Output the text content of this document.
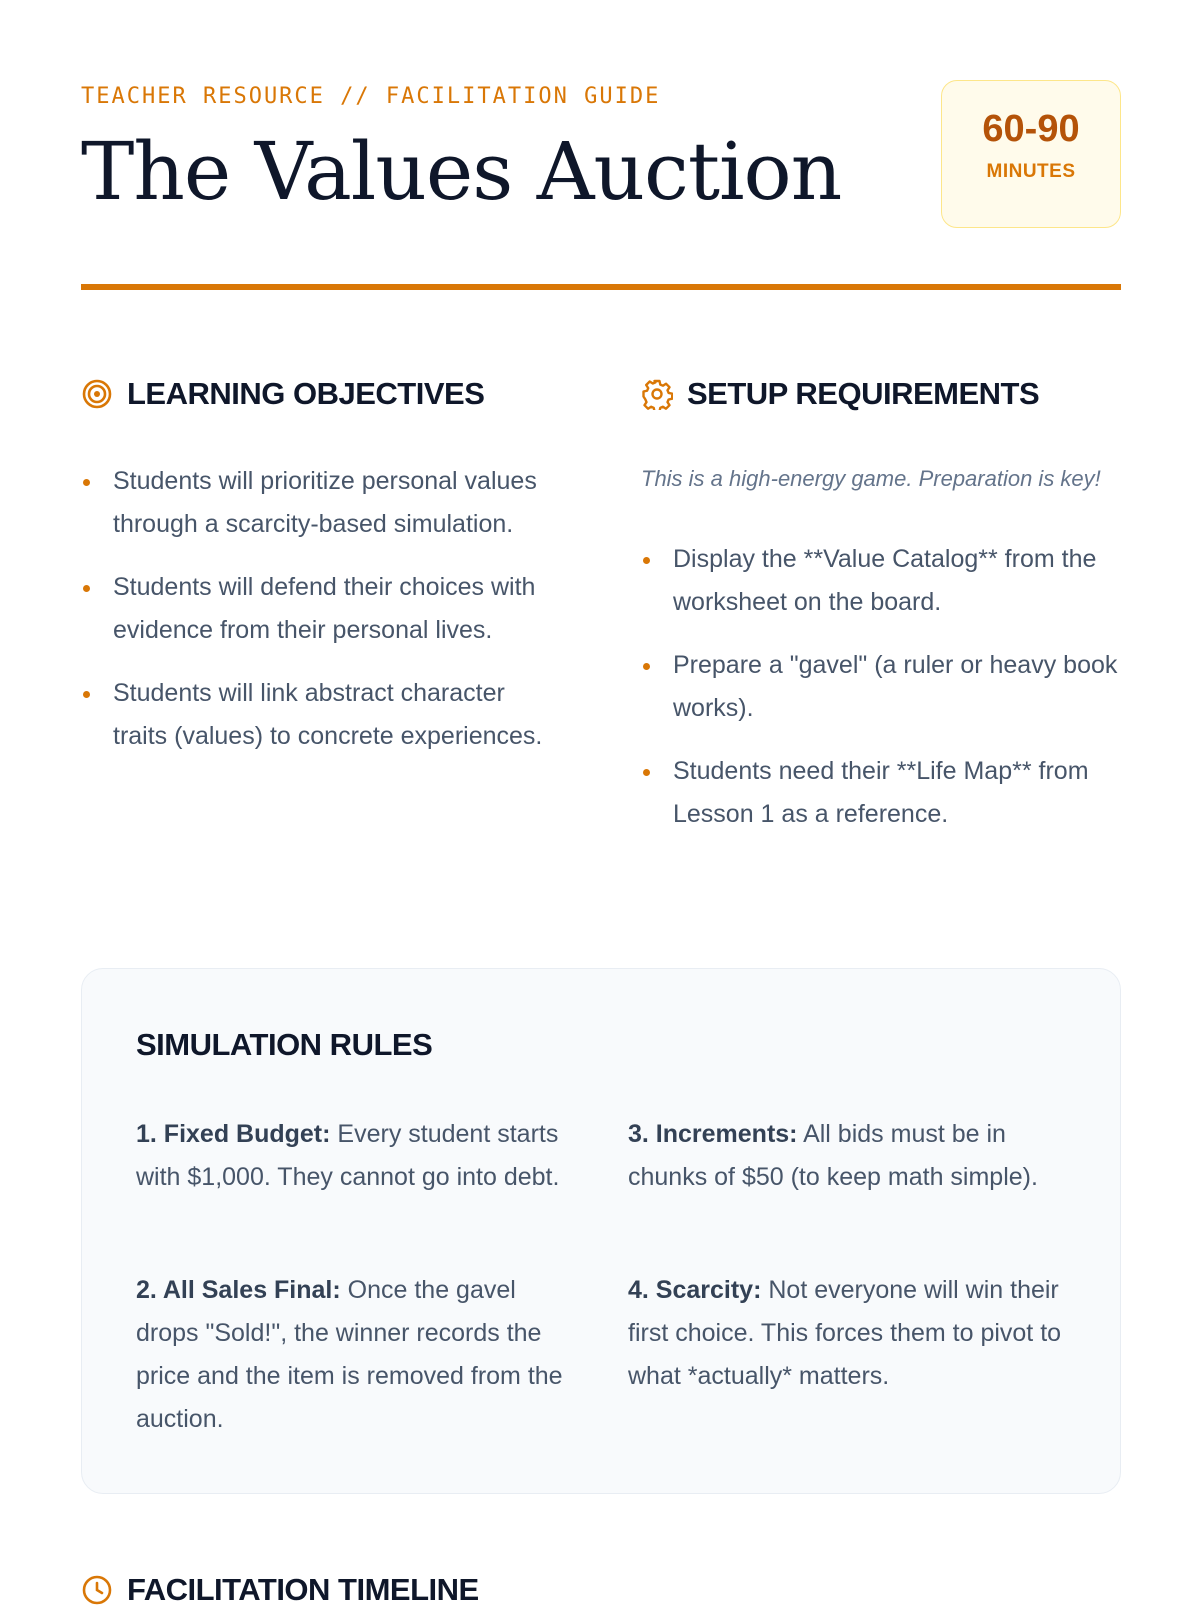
TEACHER RESOURCE // FACILITATION GUIDE
The Values Auction	60-90
MINUTES
LEARNING OBJECTIVES
Students will prioritize personal values through a scarcity-based simulation.
Students will defend their choices with evidence from their personal lives.
Students will link abstract character traits (values) to concrete experiences.
SETUP REQUIREMENTS
This is a high-energy game. Preparation is key!
Display the **Value Catalog** from the worksheet on the board.
Prepare a "gavel" (a ruler or heavy book works).
Students need their **Life Map** from Lesson 1 as a reference.
SIMULATION RULES
1. Fixed Budget: Every student starts with $1,000. They cannot go into debt.
2. All Sales Final: Once the gavel drops "Sold!", the winner records the price and the item is removed from the auction.
3. Increments: All bids must be in chunks of $50 (to keep math simple).
4. Scarcity: Not everyone will win their first choice. This forces them to pivot to what *actually* matters.
FACILITATION TIMELINE
